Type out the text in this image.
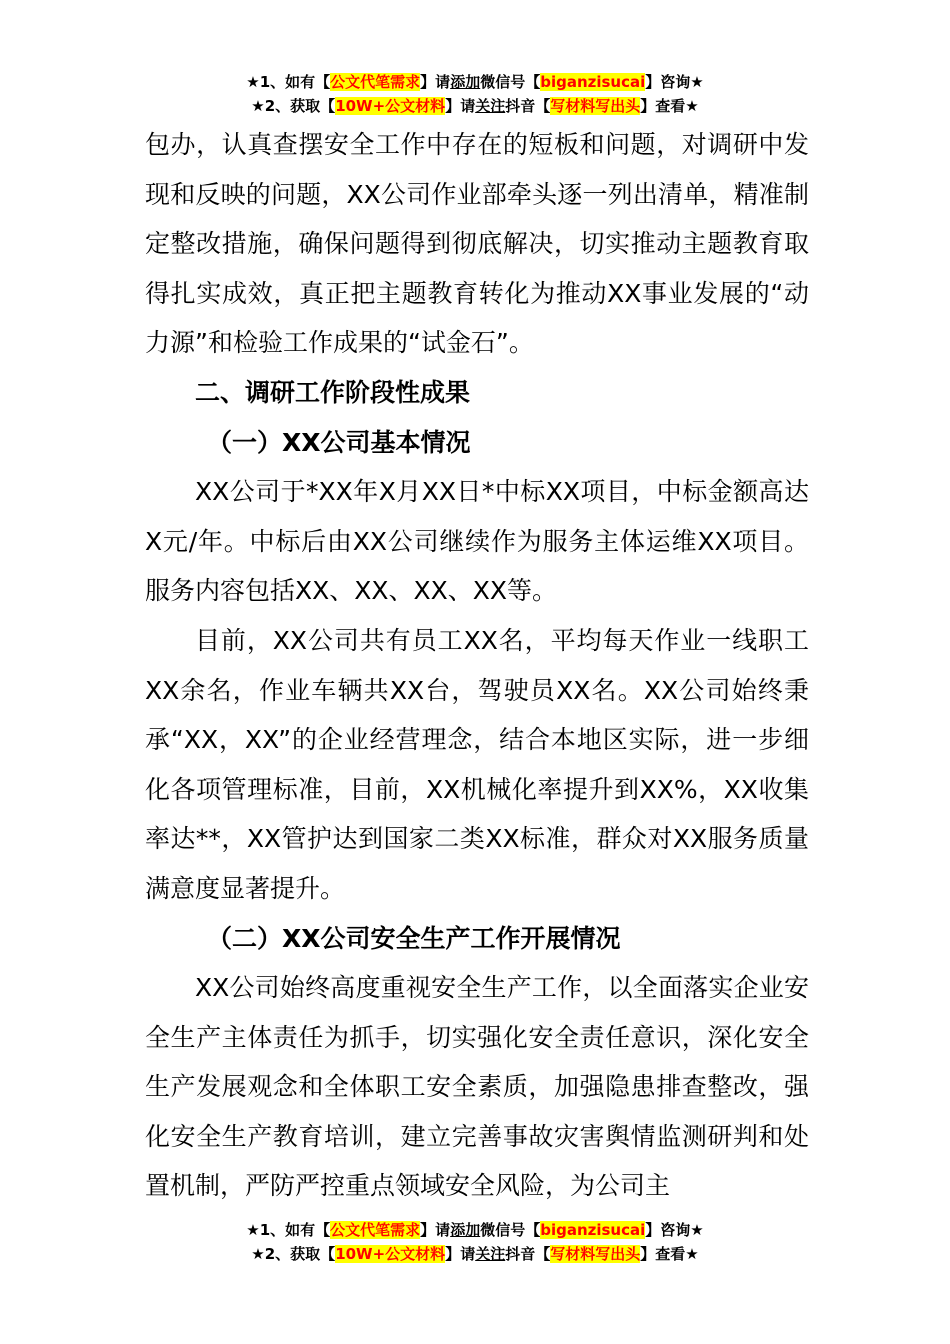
★1、如有【公文代笔需求】请添加微信号【biganzisucai】咨询★
★2、获取【10W+公文材料】请关注抖音【写材料写出头】查看★

包办，认真查摆安全工作中存在的短板和问题，对调研中发现和反映的问题，XX公司作业部牵头逐一列出清单，精准制定整改措施，确保问题得到彻底解决，切实推动主题教育取得扎实成效，真正把主题教育转化为推动XX事业发展的“动力源”和检验工作成果的“试金石”。

二、调研工作阶段性成果
（一）XX公司基本情况

XX公司于*XX年X月XX日*中标XX项目，中标金额高达X元/年。中标后由XX公司继续作为服务主体运维XX项目。服务内容包括XX、XX、XX、XX等。

目前，XX公司共有员工XX名，平均每天作业一线职工XX余名，作业车辆共XX台，驾驶员XX名。XX公司始终秉承“XX，XX”的企业经营理念，结合本地区实际，进一步细化各项管理标准，目前，XX机械化率提升到XX%，XX收集率达**，XX管护达到国家二类XX标准，群众对XX服务质量满意度显著提升。

（二）XX公司安全生产工作开展情况

XX公司始终高度重视安全生产工作，以全面落实企业安全生产主体责任为抓手，切实强化安全责任意识，深化安全生产发展观念和全体职工安全素质，加强隐患排查整改，强化安全生产教育培训，建立完善事故灾害舆情监测研判和处置机制，严防严控重点领域安全风险，为公司主

★1、如有【公文代笔需求】请添加微信号【biganzisucai】咨询★
★2、获取【10W+公文材料】请关注抖音【写材料写出头】查看★
